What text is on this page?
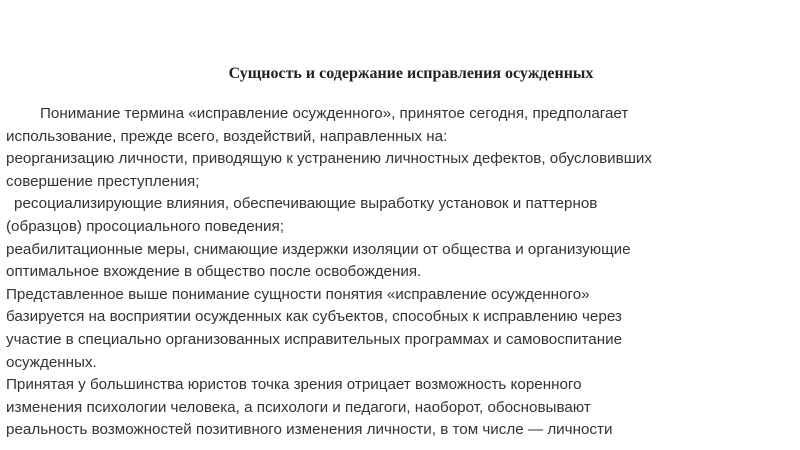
Сущность и содержание исправления осужденных
Понимание термина «исправление осужденного», принятое сегодня, предполагает
использование, прежде всего, воздействий, направленных на:
реорганизацию личности, приводящую к устранению личностных дефектов, обусловивших
совершение преступления;
ресоциализирующие влияния, обеспечивающие выработку установок и паттернов
(образцов) просоциального поведения;
реабилитационные меры, снимающие издержки изоляции от общества и организующие
оптимальное вхождение в общество после освобождения.
Представленное выше понимание сущности понятия «исправление осужденного»
базируется на восприятии осужденных как субъектов, способных к исправлению через
участие в специально организованных исправительных программах и самовоспитание
осужденных.
Принятая у большинства юристов точка зрения отрицает возможность коренного
изменения психологии человека, а психологи и педагоги, наоборот, обосновывают
реальность возможностей позитивного изменения личности, в том числе — личности
